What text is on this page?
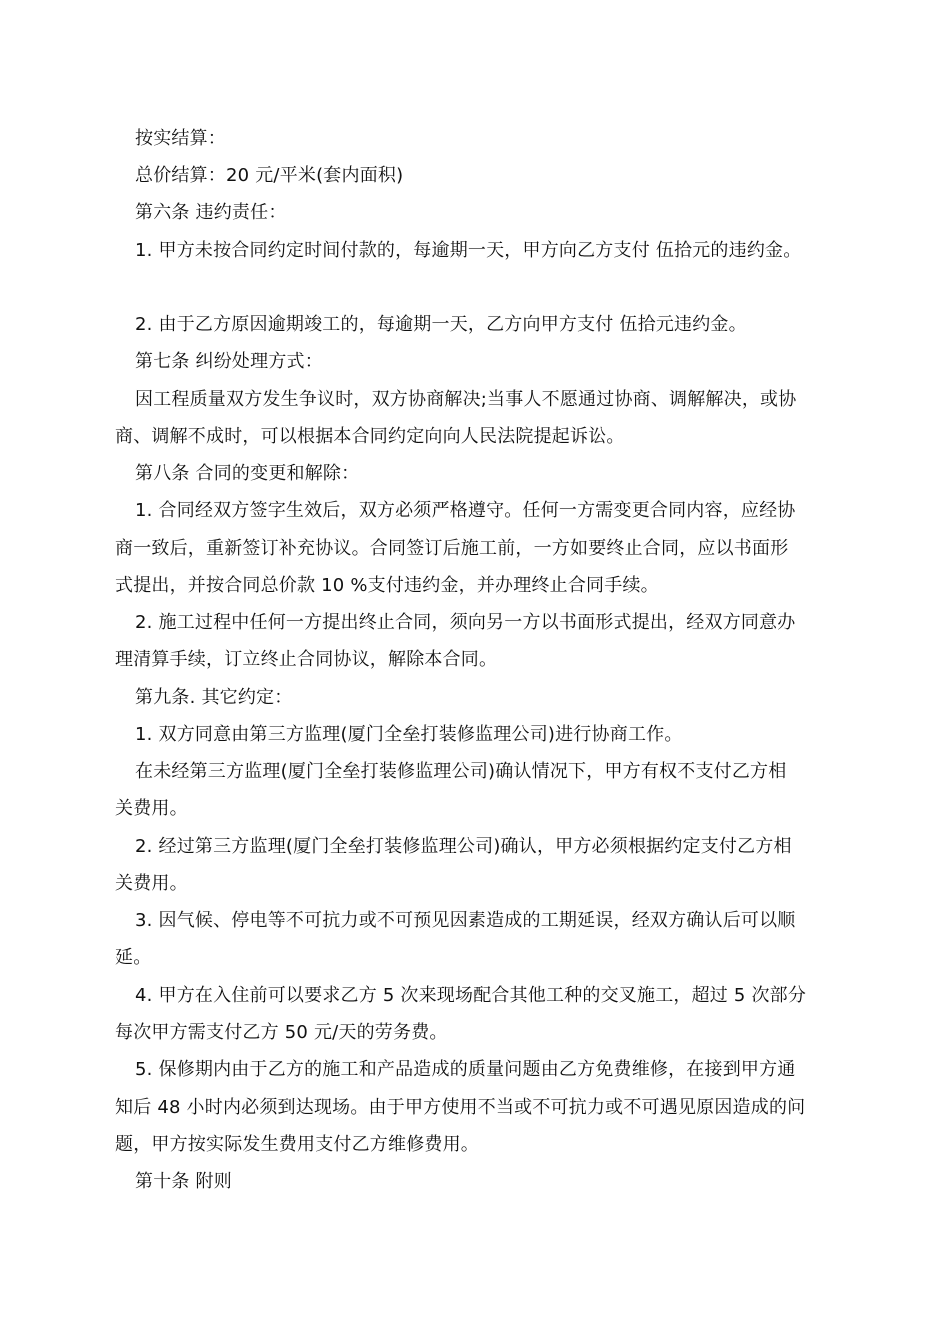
按实结算：
总价结算：20 元/平米(套内面积)
第六条 违约责任：
1. 甲方未按合同约定时间付款的，每逾期一天，甲方向乙方支付 伍拾元的违约金。
2. 由于乙方原因逾期竣工的，每逾期一天，乙方向甲方支付 伍拾元违约金。
第七条 纠纷处理方式：
因工程质量双方发生争议时，双方协商解决;当事人不愿通过协商、调解解决，或协
商、调解不成时，可以根据本合同约定向向人民法院提起诉讼。
第八条 合同的变更和解除：
1. 合同经双方签字生效后，双方必须严格遵守。任何一方需变更合同内容，应经协
商一致后，重新签订补充协议。合同签订后施工前，一方如要终止合同，应以书面形
式提出，并按合同总价款 10 %支付违约金，并办理终止合同手续。
2. 施工过程中任何一方提出终止合同，须向另一方以书面形式提出，经双方同意办
理清算手续，订立终止合同协议，解除本合同。
第九条. 其它约定：
1. 双方同意由第三方监理(厦门全垒打装修监理公司)进行协商工作。
在未经第三方监理(厦门全垒打装修监理公司)确认情况下，甲方有权不支付乙方相
关费用。
2. 经过第三方监理(厦门全垒打装修监理公司)确认，甲方必须根据约定支付乙方相
关费用。
3. 因气候、停电等不可抗力或不可预见因素造成的工期延误，经双方确认后可以顺
延。
4. 甲方在入住前可以要求乙方 5 次来现场配合其他工种的交叉施工，超过 5 次部分
每次甲方需支付乙方 50 元/天的劳务费。
5. 保修期内由于乙方的施工和产品造成的质量问题由乙方免费维修，在接到甲方通
知后 48 小时内必须到达现场。由于甲方使用不当或不可抗力或不可遇见原因造成的问
题，甲方按实际发生费用支付乙方维修费用。
第十条 附则
